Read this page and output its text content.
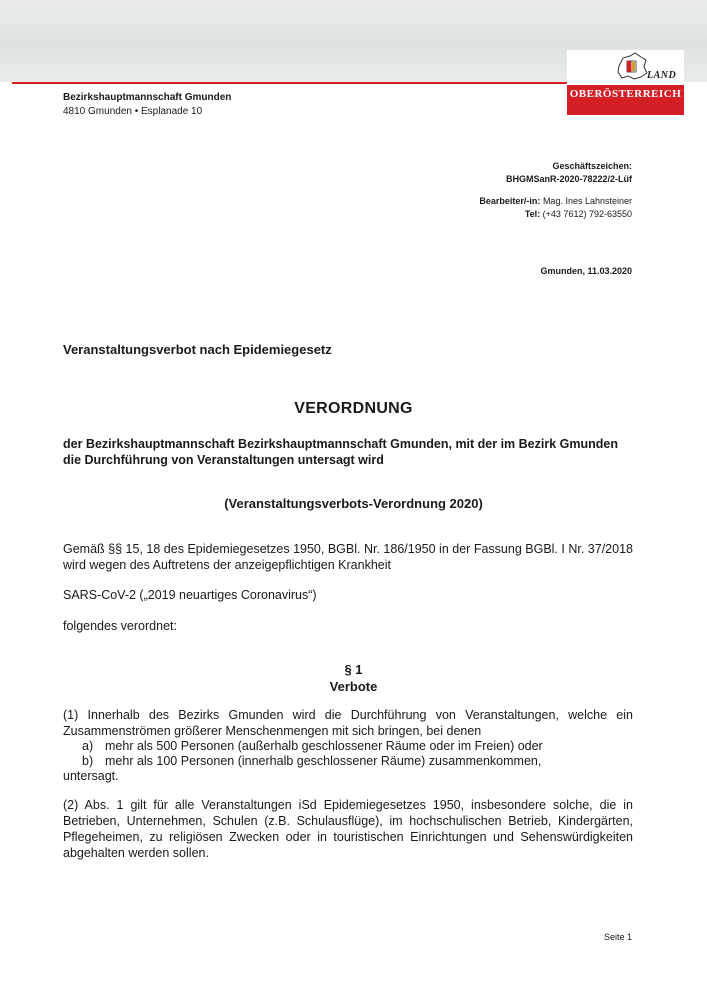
LAND
OBERÖSTERREICH
Bezirkshauptmannschaft Gmunden
4810 Gmunden • Esplanade 10
Geschäftszeichen:
BHGMSanR-2020-78222/2-Lüf
Bearbeiter/-in: Mag. Ines Lahnsteiner
Tel: (+43 7612) 792-63550
Gmunden, 11.03.2020
Veranstaltungsverbot nach Epidemiegesetz
VERORDNUNG
der Bezirkshauptmannschaft Bezirkshauptmannschaft Gmunden, mit der im Bezirk Gmunden die Durchführung von Veranstaltungen untersagt wird
(Veranstaltungsverbots-Verordnung 2020)
Gemäß §§ 15, 18 des Epidemiegesetzes 1950, BGBl. Nr. 186/1950 in der Fassung BGBl. I Nr. 37/2018 wird wegen des Auftretens der anzeigepflichtigen Krankheit
SARS-CoV-2 („2019 neuartiges Coronavirus“)
folgendes verordnet:
§ 1
Verbote
(1) Innerhalb des Bezirks Gmunden wird die Durchführung von Veranstaltungen, welche ein Zusammenströmen größerer Menschenmengen mit sich bringen, bei denen
a) mehr als 500 Personen (außerhalb geschlossener Räume oder im Freien) oder
b) mehr als 100 Personen (innerhalb geschlossener Räume) zusammenkommen,
untersagt.
(2) Abs. 1 gilt für alle Veranstaltungen iSd Epidemiegesetzes 1950, insbesondere solche, die in Betrieben, Unternehmen, Schulen (z.B. Schulausflüge), im hochschulischen Betrieb, Kindergärten, Pflegeheimen, zu religiösen Zwecken oder in touristischen Einrichtungen und Sehenswürdigkeiten abgehalten werden sollen.
Seite 1
